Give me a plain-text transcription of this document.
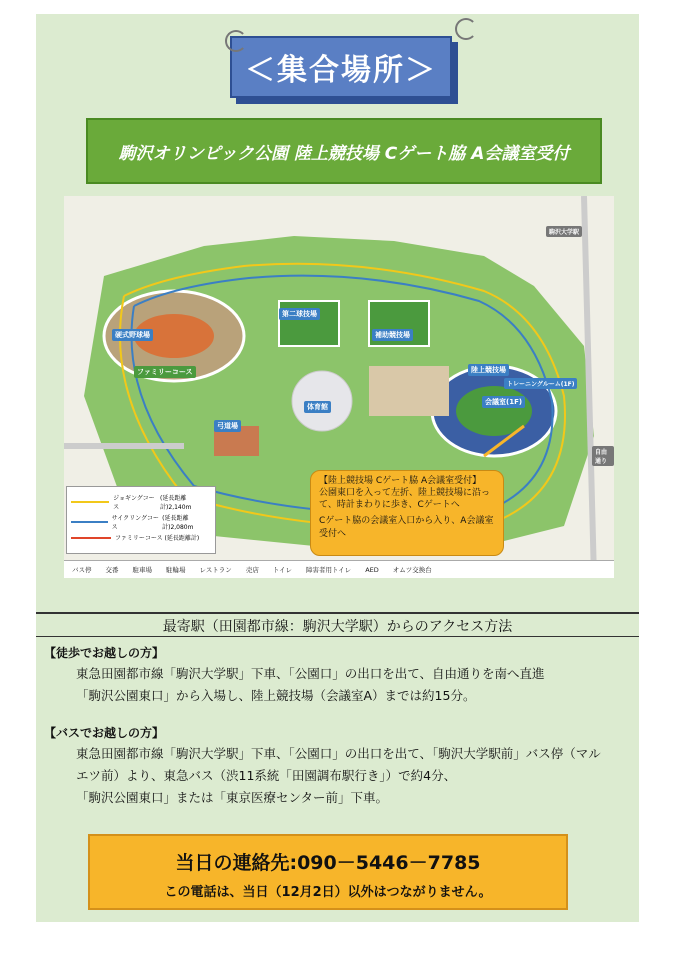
＜集合場所＞
駒沢オリンピック公園 陸上競技場 Cゲート脇 A会議室受付
硬式野球場
ファミリーコース
第二球技場
補助競技場
体育館
弓道場
陸上競技場
トレーニングルーム(1F)
会議室(1F)
自由通り
駒沢大学駅
バス停 交番 駐車場 駐輪場 レストラン 売店 トイレ 障害者用トイレ AED オムツ交換台
ジョギングコース

(延長距離計)2,140m
サイクリングコース

(延長距離計)2,080m
ファミリーコース
(延長距離計)
【陸上競技場 Cゲート脇 A会議室受付】
公園東口を入って左折、陸上競技場に沿って、時計まわりに歩き、Cゲートへ
Cゲート脇の会議室入口から入り、A会議室受付へ
最寄駅（田園都市線：駒沢大学駅）からのアクセス方法
【徒歩でお越しの方】
東急田園都市線「駒沢大学駅」下車、「公園口」の出口を出て、自由通りを南へ直進
「駒沢公園東口」から入場し、陸上競技場（会議室A）までは約15分。
【バスでお越しの方】
東急田園都市線「駒沢大学駅」下車、「公園口」の出口を出て、「駒沢大学駅前」バス停（マル
エツ前）より、東急バス（渋11系統「田園調布駅行き」）で約4分、
「駒沢公園東口」または「東京医療センター前」下車。
当日の連絡先:090－5446－7785
この電話は、当日（12月2日）以外はつながりません。
